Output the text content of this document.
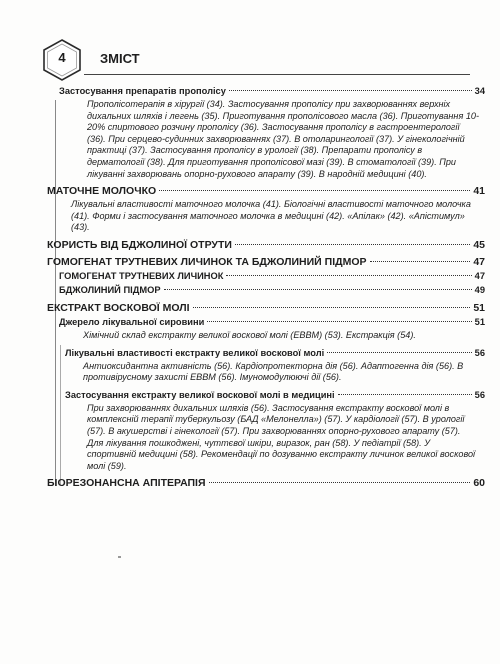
4	ЗМІСТ
Застосування препаратів прополісу	34
Прополісотерапія в хірургії (34). Застосування прополісу при захворюваннях верхніх дихальних шляхів і легень (35). Приготування прополісового масла (36). Приготування 10-20% спиртового розчину прополісу (36). Застосування прополісу в гастроентерології (36). При серцево-судинних захворюваннях (37). В отоларингології (37). У гінекологічній практиці (37). Застосування прополісу в урології (38). Препарати прополісу в дерматології (38). Для приготування прополісової мазі (39). В стоматології (39). При лікуванні захворювань опорно-рухового апарату (39). В народній медицині (40).
МАТОЧНЕ МОЛОЧКО	41
Лікувальні властивості маточного молочка (41). Біологічні властивості маточного молочка (41). Форми і застосування маточного молочка в медицині (42). «Апілак» (42). «Апістимул» (43).
КОРИСТЬ ВІД БДЖОЛИНОЇ ОТРУТИ	45
ГОМОГЕНАТ ТРУТНЕВИХ ЛИЧИНОК ТА БДЖОЛИНИЙ ПІДМОР	47
ГОМОГЕНАТ ТРУТНЕВИХ ЛИЧИНОК	47
БДЖОЛИНИЙ ПІДМОР	49
ЕКСТРАКТ ВОСКОВОЇ МОЛІ	51
Джерело лікувальної сировини	51
Хімічний склад екстракту великої воскової молі (ЕВВМ) (53). Екстракція (54).
Лікувальні властивості екстракту великої воскової молі	56
Антиоксидантна активність (56). Кардіопротекторна дія (56). Адаптогенна дія (56). В противірусному захисті ЕВВМ (56). Імуномодулюючі дії (56).
Застосування екстракту великої воскової молі в медицині	56
При захворюваннях дихальних шляхів (56). Застосування екстракту воскової молі в комплексній терапії туберкульозу (БАД «Мелонелла») (57). У кардіології (57). В урології (57). В акушерстві і гінекології (57). При захворюваннях опорно-рухового апарату (57). Для лікування пошкоджені, чуттєвої шкіри, виразок, ран (58). У педіатрії (58). У спортивній медицині (58). Рекомендації по дозуванню екстракту личинок великої воскової молі (59).
БІОРЕЗОНАНСНА АПІТЕРАПІЯ	60
